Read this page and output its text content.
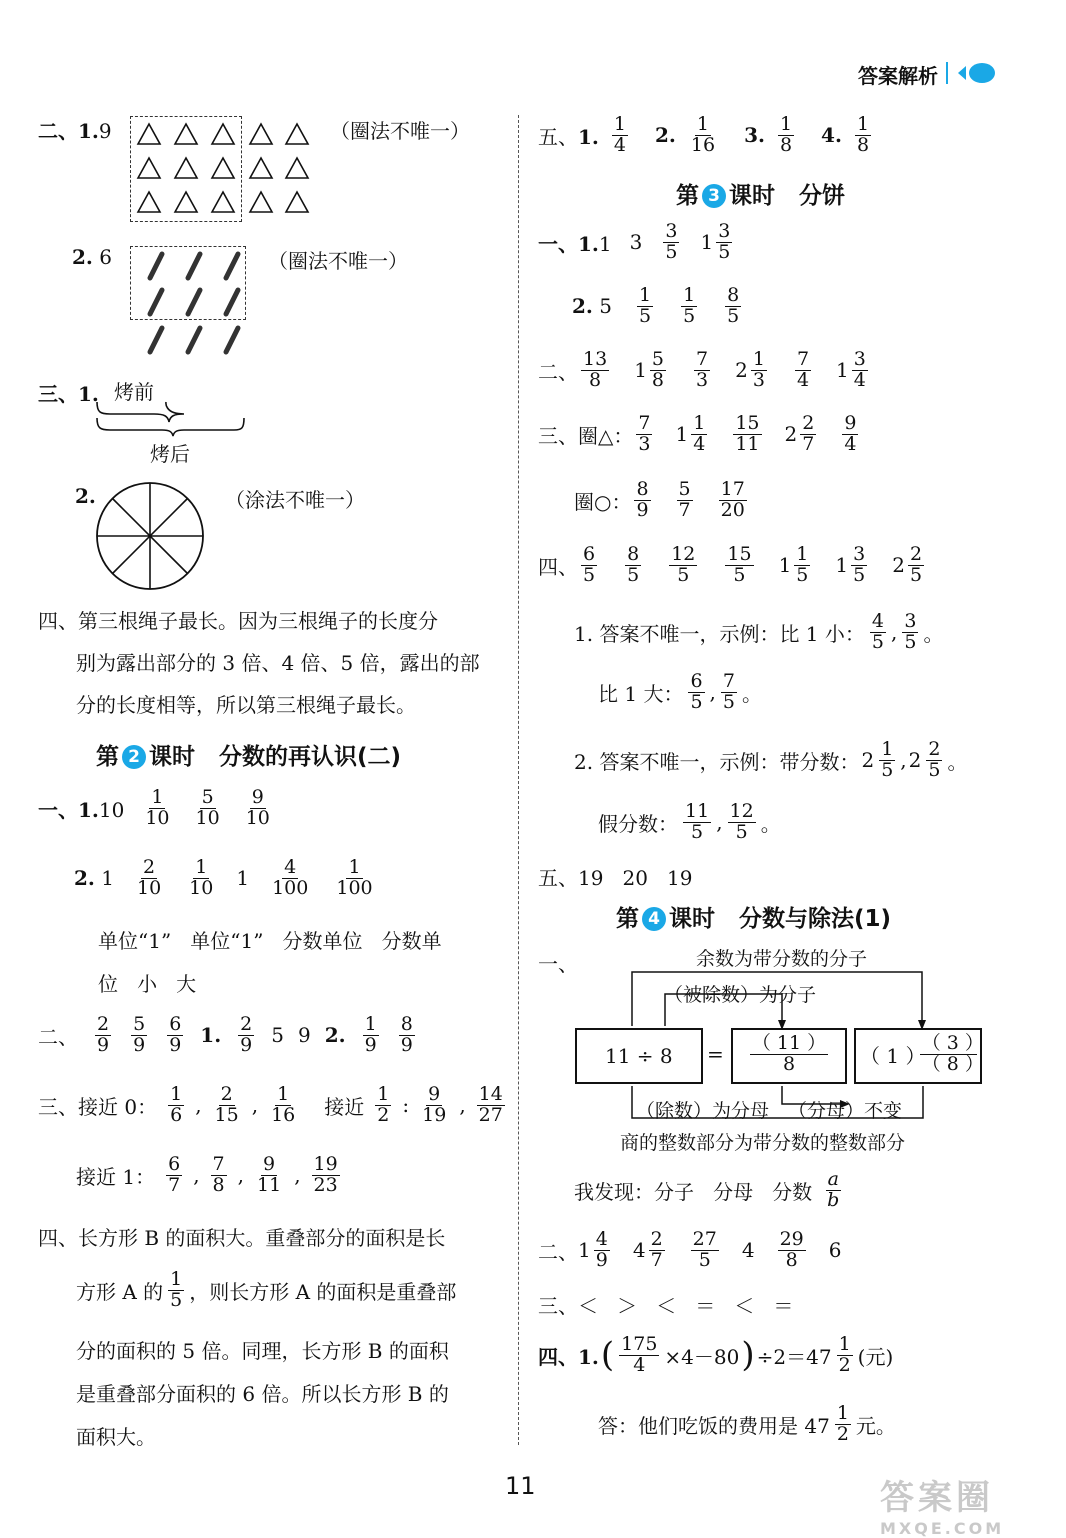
答案解析
二、1.9	（圈法不唯一）
2. 6	（圈法不唯一）
三、1. 烤前
烤后
2.	（涂法不唯一）
四、第三根绳子最长。因为三根绳子的长度分
别为露出部分的 3 倍、4 倍、5 倍，露出的部
分的长度相等，所以第三根绳子最长。
第 2 课时 分数的再认识(二)
一、$1.10 \frac{1}{10} \frac{5}{10} \frac{9}{10}$
2. $1 \frac{2}{10} \frac{1}{10} 1 \frac{4}{100} \frac{1}{100}$
单位“1”   单位“1”   分数单位   分数单
位   小   大
二、 $\frac{2}{9} \frac{5}{9} \frac{6}{9} 1$. $\frac{2}{9} 5$ 9 2. $\frac{1}{9} \frac{8}{9}$
三、接近 0： $\frac{1}{6}$ , $\frac{2}{15}$ , $\frac{1}{16}$ 接近 $\frac{1}{2}$ : $\frac{9}{19}$ , $\frac{14}{27}$
接近 1： $\frac{6}{7}$ , $\frac{7}{8}$ , $\frac{9}{11}$ , $\frac{19}{23}$
四、长方形 B 的面积大。重叠部分的面积是长
方形 A 的 $\frac{1}{5}$ ，则长方形 A 的面积是重叠部
分的面积的 5 倍。同理，长方形 B 的面积
是重叠部分面积的 6 倍。所以长方形 B 的
面积大。
五、1. $\frac{1}{4} 2$. $\frac{1}{16} 3$. $\frac{1}{8} 4$. $\frac{1}{8}$
第 3 课时 分饼
一、1.1 $3 \frac{3}{5} 1 \frac{3}{5}$
2. $5 \frac{1}{5} \frac{1}{5} \frac{8}{5}$
二、 $\frac{13}{8} 1 \frac{5}{8} \frac{7}{3} 2 \frac{1}{3} \frac{7}{4} 1 \frac{3}{4}$
三、圈△： $\frac{7}{3} 1 \frac{1}{4} \frac{15}{11} 2 \frac{2}{7} \frac{9}{4}$
圈○： $\frac{8}{9} \frac{5}{7} \frac{17}{20}$
四、 $\frac{6}{5} \frac{8}{5} \frac{12}{5} \frac{15}{5} 1 \frac{1}{5} 1 \frac{3}{5} 2 \frac{2}{5}$
1. 答案不唯一，示例：比 1 小： $\frac{4}{5}$ , $\frac{3}{5}$ 。
比 1 大： $\frac{6}{5}$ , $\frac{7}{5}$ 。
2. 答案不唯一，示例：带分数： $2 \frac{1}{5}$ , $2 \frac{2}{5}$ 。
假分数： $\frac{11}{5}$ , $\frac{12}{5}$ 。
五、19   20   19
第 4 课时 分数与除法(1)
一、	余数为带分数的分子
（被除数）为分子
$11 \div 8 = \frac{( 11 )}{8}$ （ 1 ）
$\frac{( 3 )}{( 8 )}$
（除数）为分母 （分母）不变
商的整数部分为带分数的整数部分
我发现：分子   分母   分数 $\frac{a}{b}$
二、 $1 \frac{4}{9} 4 \frac{2}{7} \frac{27}{5} 4 \frac{29}{8} 6$
三、＜   ＞   ＜   ＝   ＜   ＝
四、1. ( $\frac{175}{4} \times 4-80$ ) $\div 2=47 \frac{1}{2}$ (元)
答：他们吃饭的费用是 $47 \frac{1}{2}$ 元。
11	答案圈
MXQE.COM
